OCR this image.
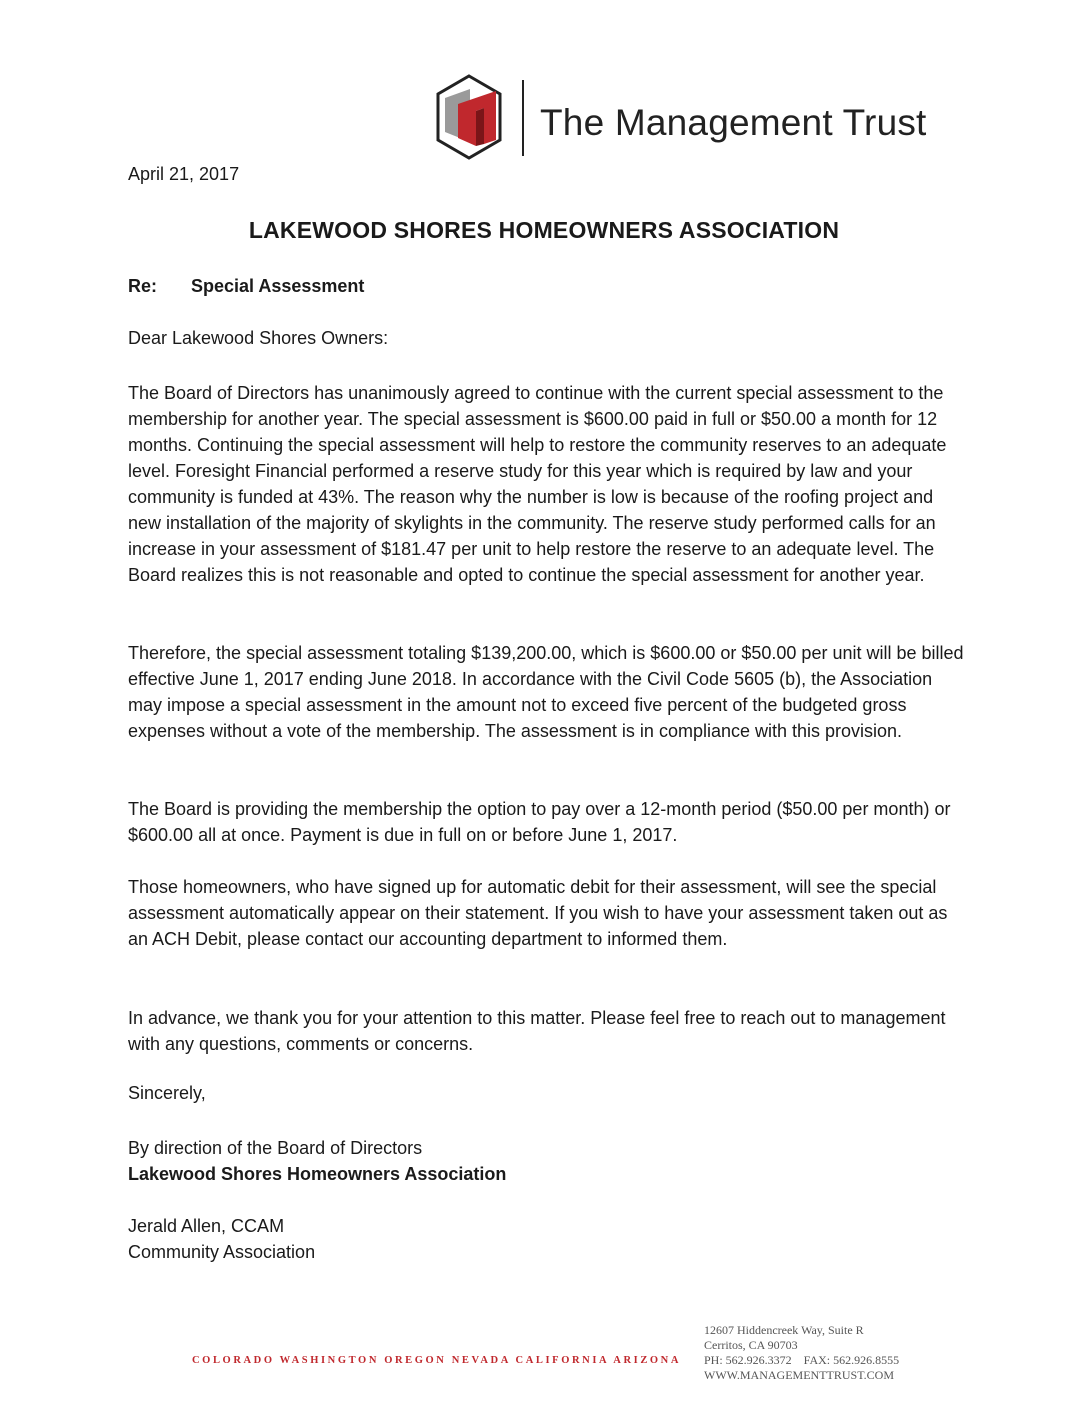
The Management Trust
April 21, 2017
LAKEWOOD SHORES HOMEOWNERS ASSOCIATION
Re: Special Assessment
Dear Lakewood Shores Owners:
The Board of Directors has unanimously agreed to continue with the current special assessment to the membership for another year. The special assessment is $600.00 paid in full or $50.00 a month for 12 months. Continuing the special assessment will help to restore the community reserves to an adequate level. Foresight Financial performed a reserve study for this year which is required by law and your community is funded at 43%. The reason why the number is low is because of the roofing project and new installation of the majority of skylights in the community. The reserve study performed calls for an increase in your assessment of $181.47 per unit to help restore the reserve to an adequate level. The Board realizes this is not reasonable and opted to continue the special assessment for another year.
Therefore, the special assessment totaling $139,200.00, which is $600.00 or $50.00 per unit will be billed effective June 1, 2017 ending June 2018. In accordance with the Civil Code 5605 (b), the Association may impose a special assessment in the amount not to exceed five percent of the budgeted gross expenses without a vote of the membership. The assessment is in compliance with this provision.
The Board is providing the membership the option to pay over a 12-month period ($50.00 per month) or $600.00 all at once. Payment is due in full on or before June 1, 2017.
Those homeowners, who have signed up for automatic debit for their assessment, will see the special assessment automatically appear on their statement. If you wish to have your assessment taken out as an ACH Debit, please contact our accounting department to informed them.
In advance, we thank you for your attention to this matter. Please feel free to reach out to management with any questions, comments or concerns.
Sincerely,
By direction of the Board of Directors
Lakewood Shores Homeowners Association
Jerald Allen, CCAM
Community Association
COLORADO WASHINGTON OREGON NEVADA CALIFORNIA ARIZONA
12607 Hiddencreek Way, Suite R
Cerritos, CA 90703
PH: 562.926.3372    FAX: 562.926.8555
WWW.MANAGEMENTTRUST.COM
